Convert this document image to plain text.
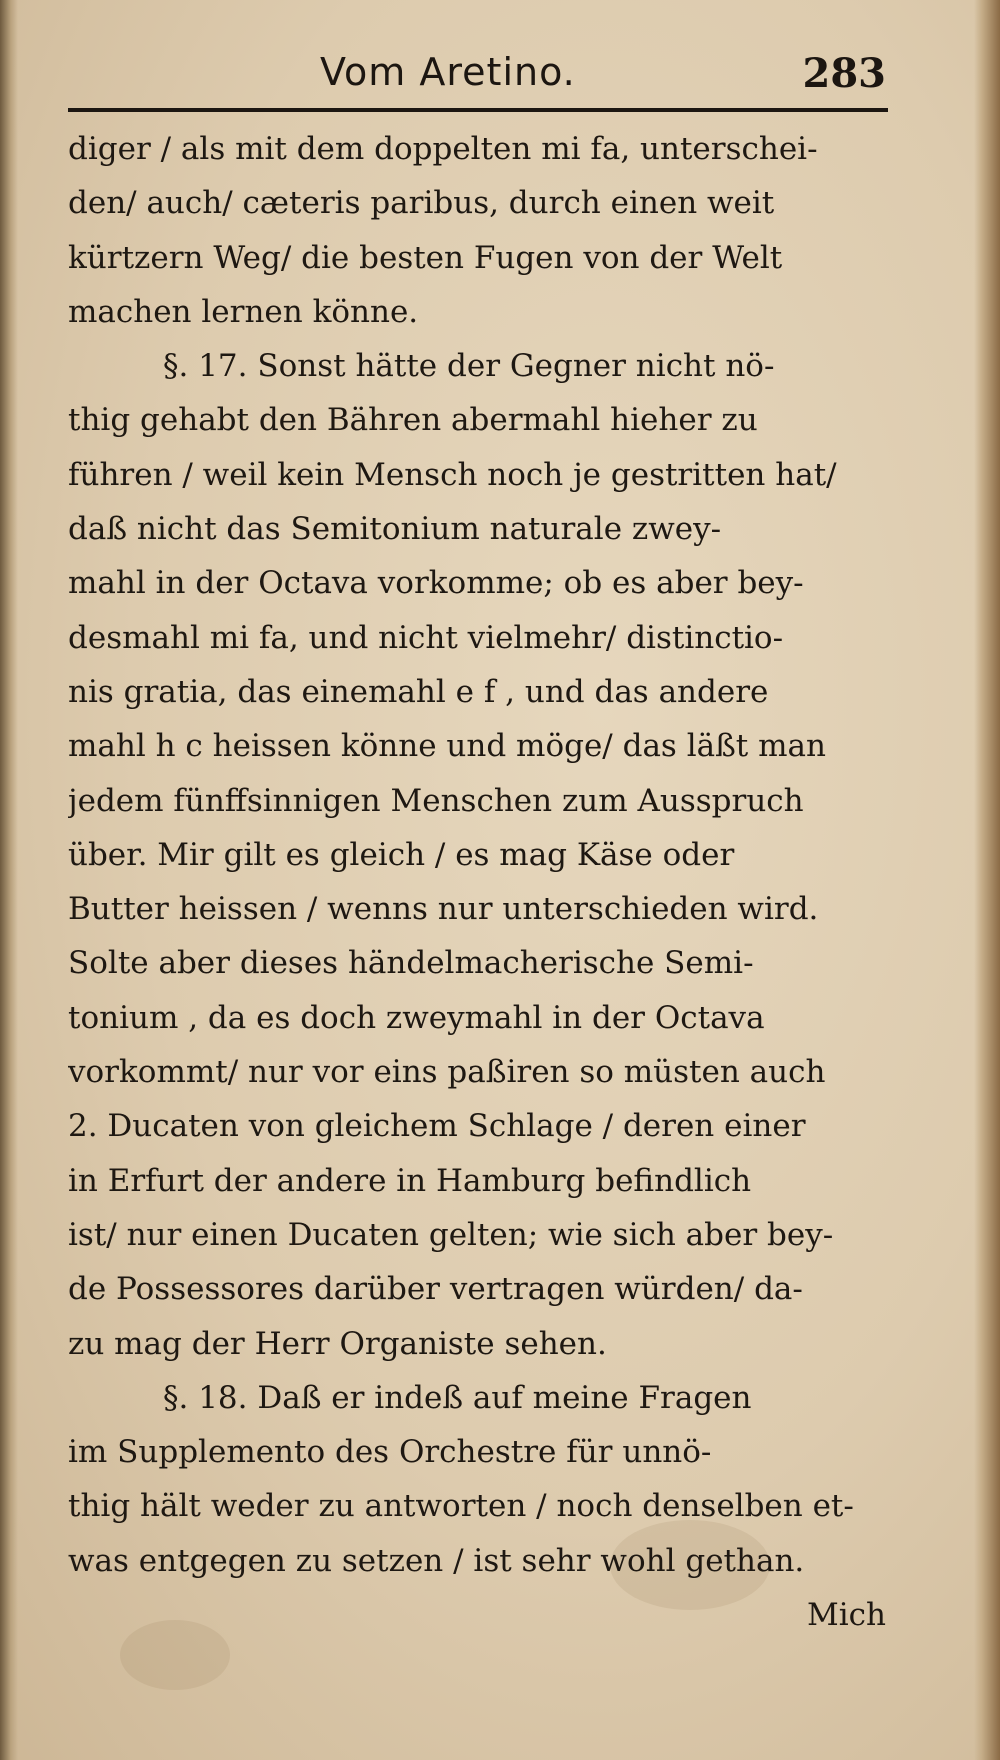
Vom Aretino.	283
diger / als mit dem doppelten mi fa, unterschei-
den/ auch/ cæteris paribus, durch einen weit
kürtzern Weg/ die besten Fugen von der Welt
machen lernen könne.
§. 17. Sonst hätte der Gegner nicht nö-
thig gehabt den Bähren abermahl hieher zu
führen / weil kein Mensch noch je gestritten hat/
daß nicht das Semitonium naturale zwey-
mahl in der Octava vorkomme; ob es aber bey-
desmahl mi fa, und nicht vielmehr/ distinctio-
nis gratia, das einemahl e f , und das andere
mahl h c heissen könne und möge/ das läßt man
jedem fünffsinnigen Menschen zum Ausspruch
über. Mir gilt es gleich / es mag Käse oder
Butter heissen / wenns nur unterschieden wird.
Solte aber dieses händelmacherische Semi-
tonium , da es doch zweymahl in der Octava
vorkommt/ nur vor eins paßiren so müsten auch
2. Ducaten von gleichem Schlage / deren einer
in Erfurt der andere in Hamburg befindlich
ist/ nur einen Ducaten gelten; wie sich aber bey-
de Possessores darüber vertragen würden/ da-
zu mag der Herr Organiste sehen.
§. 18. Daß er indeß auf meine Fragen
im Supplemento des Orchestre für unnö-
thig hält weder zu antworten / noch denselben et-
was entgegen zu setzen / ist sehr wohl gethan.
Mich
